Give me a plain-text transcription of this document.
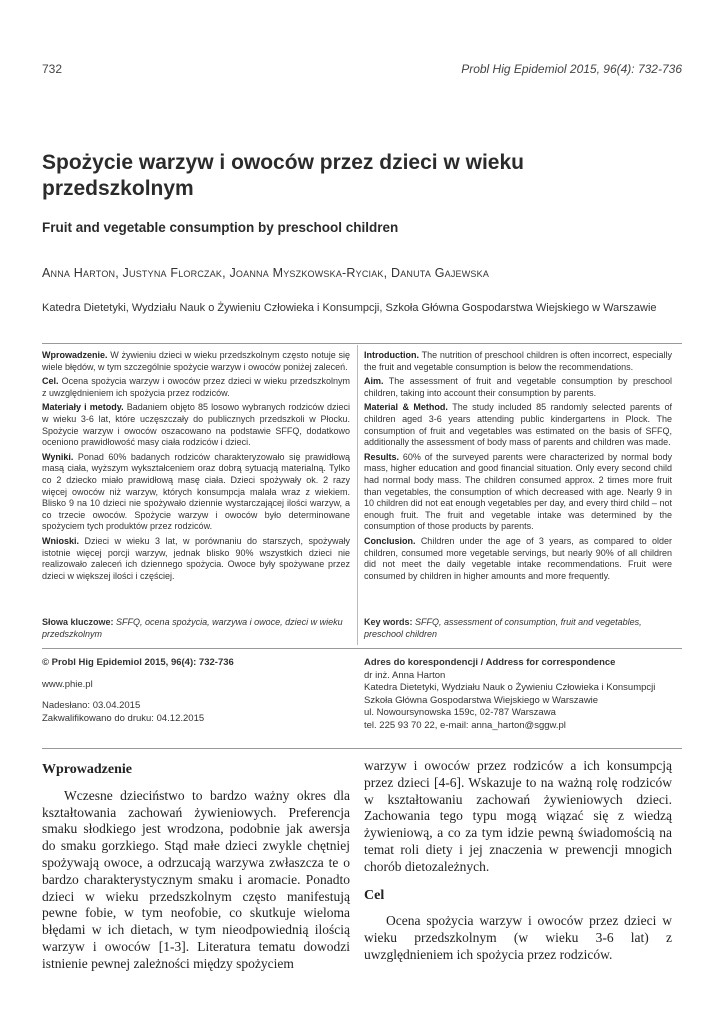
732	Probl Hig Epidemiol 2015, 96(4): 732-736
Spożycie warzyw i owoców przez dzieci w wieku przedszkolnym
Fruit and vegetable consumption by preschool children
Anna Harton, Justyna Florczak, Joanna Myszkowska-Ryciak, Danuta Gajewska
Katedra Dietetyki, Wydziału Nauk o Żywieniu Człowieka i Konsumpcji, Szkoła Główna Gospodarstwa Wiejskiego w Warszawie

Wprowadzenie. W żywieniu dzieci w wieku przedszkolnym często notuje się wiele błędów, w tym szczególnie spożycie warzyw i owoców poniżej zaleceń.

Cel. Ocena spożycia warzyw i owoców przez dzieci w wieku przedszkolnym z uwzględnieniem ich spożycia przez rodziców.

Materiały i metody. Badaniem objęto 85 losowo wybranych rodziców dzieci w wieku 3-6 lat, które uczęszczały do publicznych przedszkoli w Płocku. Spożycie warzyw i owoców oszacowano na podstawie SFFQ, dodatkowo oceniono prawidłowość masy ciała rodziców i dzieci.

Wyniki. Ponad 60% badanych rodziców charakteryzowało się prawidłową masą ciała, wyższym wykształceniem oraz dobrą sytuacją materialną. Tylko co 2 dziecko miało prawidłową masę ciała. Dzieci spożywały ok. 2 razy więcej owoców niż warzyw, których konsumpcja malała wraz z wiekiem. Blisko 9 na 10 dzieci nie spożywało dziennie wystarczającej ilości warzyw, a co trzecie owoców. Spożycie warzyw i owoców było determinowane spożyciem tych produktów przez rodziców.

Wnioski. Dzieci w wieku 3 lat, w porównaniu do starszych, spożywały istotnie więcej porcji warzyw, jednak blisko 90% wszystkich dzieci nie realizowało zaleceń ich dziennego spożycia. Owoce były spożywane przez dzieci w większej ilości i częściej.

Słowa kluczowe: SFFQ, ocena spożycia, warzywa i owoce, dzieci w wieku przedszkolnym

Introduction. The nutrition of preschool children is often incorrect, especially the fruit and vegetable consumption is below the recommendations.

Aim. The assessment of fruit and vegetable consumption by preschool children, taking into account their consumption by parents.

Material & Method. The study included 85 randomly selected parents of children aged 3-6 years attending public kindergartens in Plock. The consumption of fruit and vegetables was estimated on the basis of SFFQ, additionally the assessment of body mass of parents and children was made.

Results. 60% of the surveyed parents were characterized by normal body mass, higher education and good financial situation. Only every second child had normal body mass. The children consumed approx. 2 times more fruit than vegetables, the consumption of which decreased with age. Nearly 9 in 10 children did not eat enough vegetables per day, and every third child – not enough fruit. The fruit and vegetable intake was determined by the consumption of those products by parents.

Conclusion. Children under the age of 3 years, as compared to older children, consumed more vegetable servings, but nearly 90% of all children did not meet the daily vegetable intake recommendations. Fruit were consumed by children in higher amounts and more frequently.

Key words: SFFQ, assessment of consumption, fruit and vegetables, preschool children
© Probl Hig Epidemiol 2015, 96(4): 732-736
www.phie.pl
Nadesłano: 03.04.2015
Zakwalifikowano do druku: 04.12.2015
Adres do korespondencji / Address for correspondence
dr inż. Anna Harton
Katedra Dietetyki, Wydziału Nauk o Żywieniu Człowieka i Konsumpcji
Szkoła Główna Gospodarstwa Wiejskiego w Warszawie
ul. Nowoursynowska 159c, 02-787 Warszawa
tel. 225 93 70 22, e-mail: anna_harton@sggw.pl
Wprowadzenie

Wczesne dzieciństwo to bardzo ważny okres dla kształtowania zachowań żywieniowych. Preferencja smaku słodkiego jest wrodzona, podobnie jak awersja do smaku gorzkiego. Stąd małe dzieci zwykle chętniej spożywają owoce, a odrzucają warzywa zwłaszcza te o bardzo charakterystycznym smaku i aromacie. Ponadto dzieci w wieku przedszkolnym często manifestują pewne fobie, w tym neofobie, co skutkuje wieloma błędami w ich dietach, w tym nieodpowiednią ilością warzyw i owoców [1-3]. Literatura tematu dowodzi istnienie pewnej zależności między spożyciem

warzyw i owoców przez rodziców a ich konsumpcją przez dzieci [4-6]. Wskazuje to na ważną rolę rodziców w kształtowaniu zachowań żywieniowych dzieci. Zachowania tego typu mogą wiązać się z wiedzą żywieniową, a co za tym idzie pewną świadomością na temat roli diety i jej znaczenia w prewencji mnogich chorób dietozależnych.

Cel

Ocena spożycia warzyw i owoców przez dzieci w wieku przedszkolnym (w wieku 3-6 lat) z uwzględnieniem ich spożycia przez rodziców.
